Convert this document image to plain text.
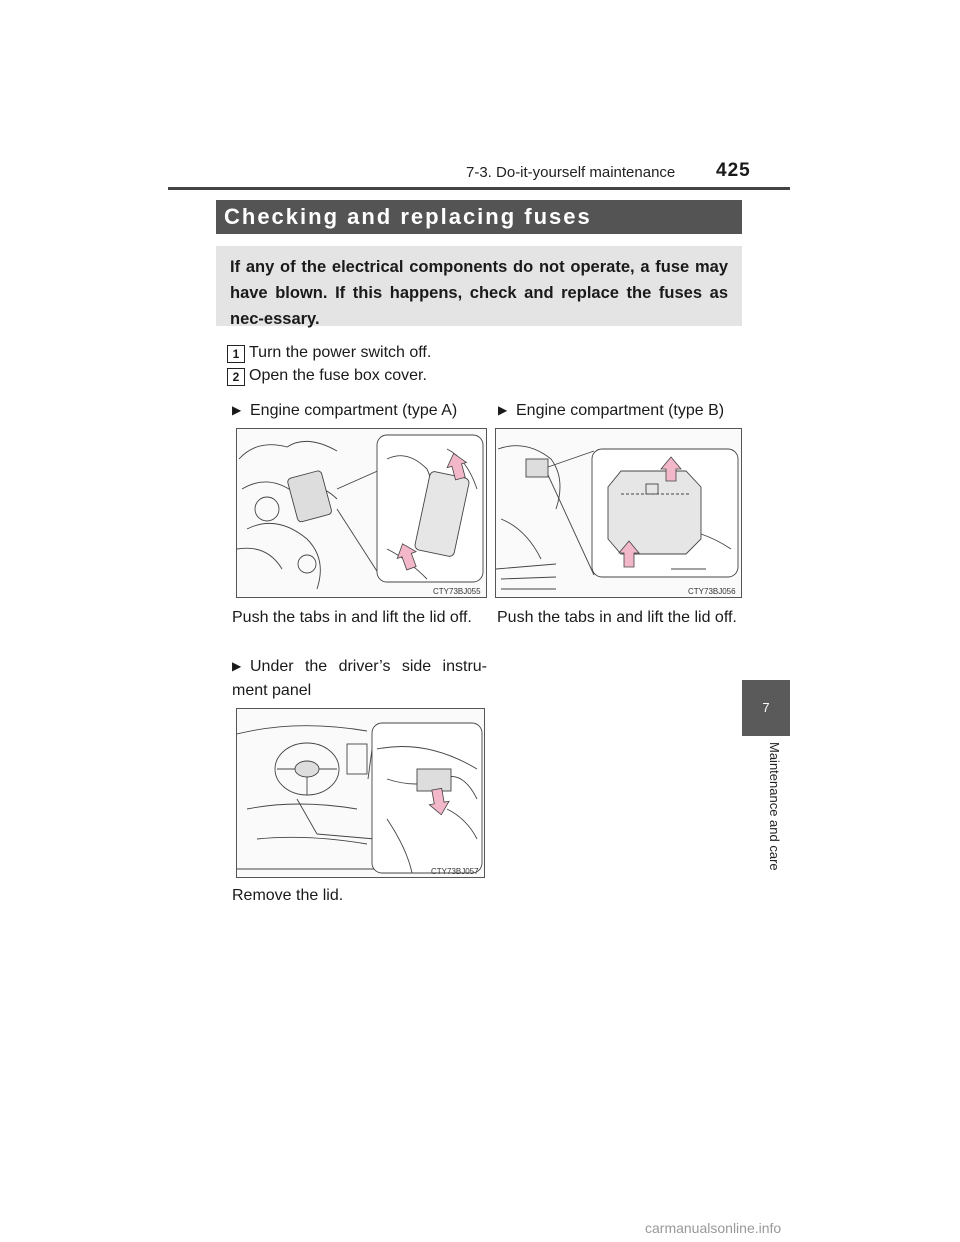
7-3. Do-it-yourself maintenance 425
Checking and replacing fuses
If any of the electrical components do not operate, a fuse may have blown. If this happens, check and replace the fuses as nec-essary.
1 Turn the power switch off.
2 Open the fuse box cover.
▶ Engine compartment (type A)
CTY73BJ055
▶ Engine compartment (type B)
CTY73BJ056
Push the tabs in and lift the lid off.	Push the tabs in and lift the lid off.
▶ Under the driver’s side instru-ment panel
CTY73BJ057
Remove the lid.
7
Maintenance and care
carmanualsonline.info
